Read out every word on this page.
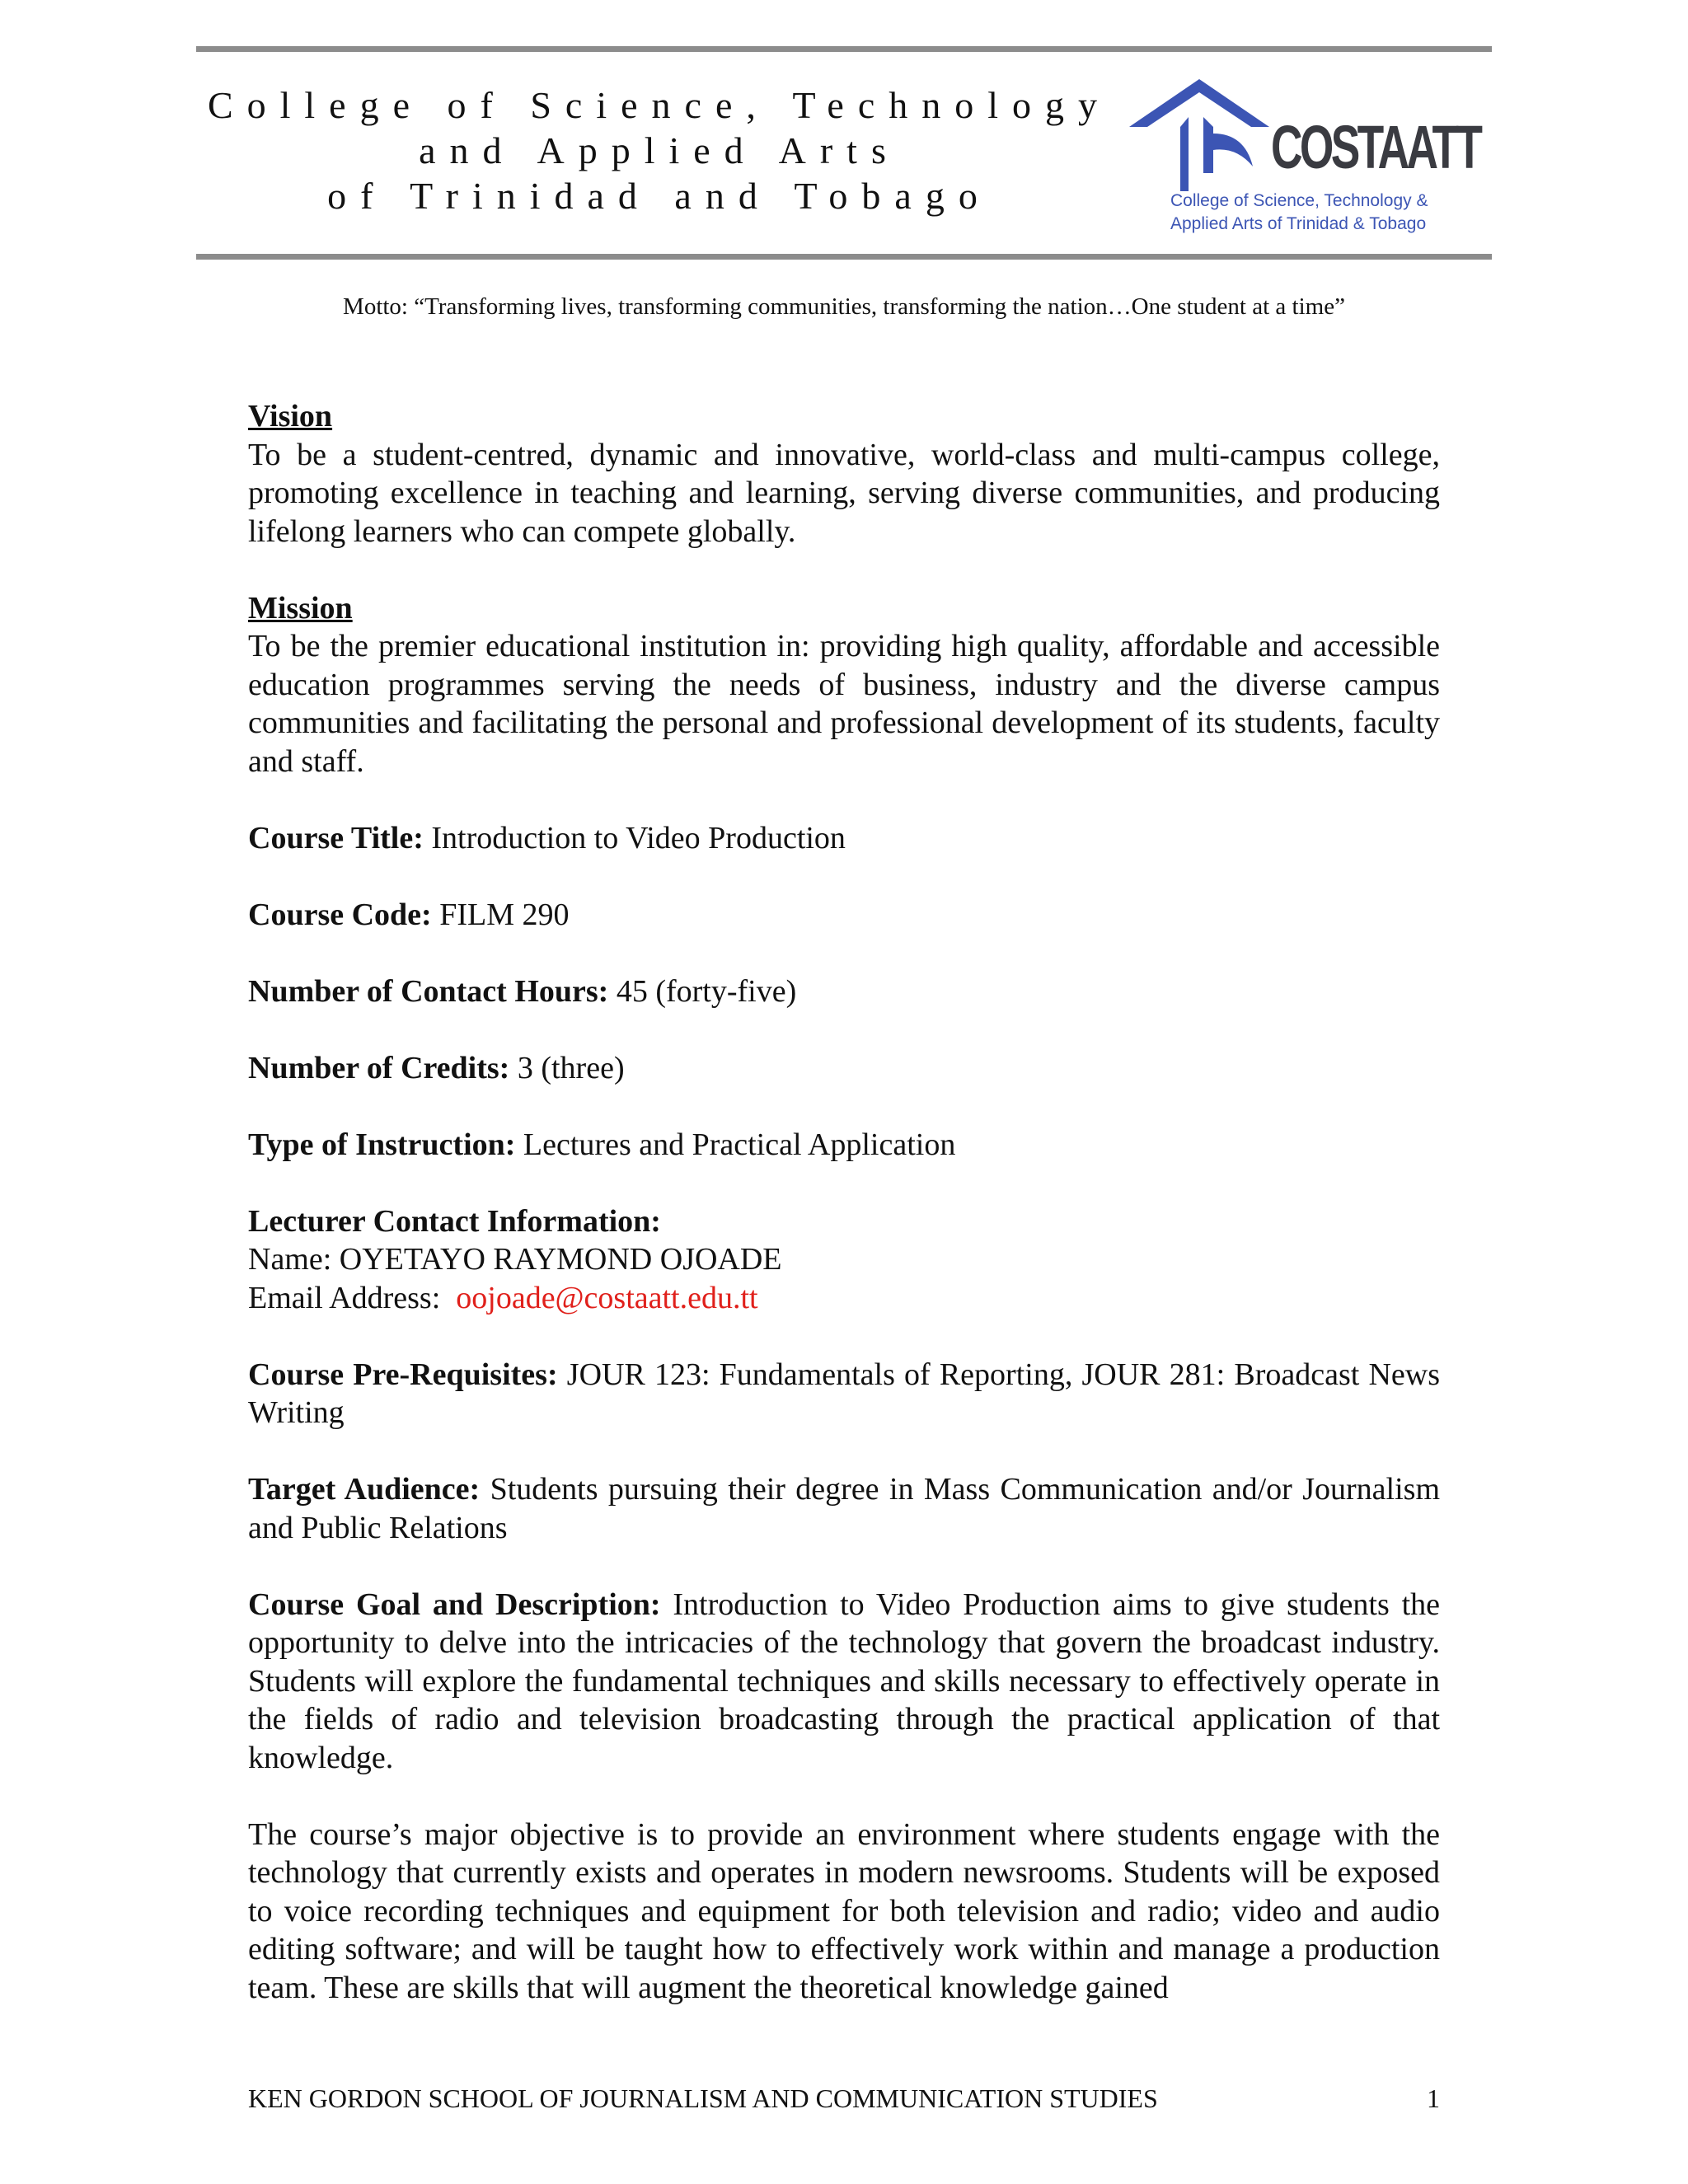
College of Science, Technology
and Applied Arts
of Trinidad and Tobago
COSTAATT
College of Science, Technology &
Applied Arts of Trinidad & Tobago
Motto: “Transforming lives, transforming communities, transforming the nation…One student at a time”
Vision

To be a student-centred, dynamic and innovative, world-class and multi-campus college, promoting excellence in teaching and learning, serving diverse communities, and producing lifelong learners who can compete globally.

Mission

To be the premier educational institution in: providing high quality, affordable and accessible education programmes serving the needs of business, industry and the diverse campus communities and facilitating the personal and professional development of its students, faculty and staff.

Course Title: Introduction to Video Production

Course Code: FILM 290

Number of Contact Hours: 45 (forty-five)

Number of Credits: 3 (three)

Type of Instruction: Lectures and Practical Application

Lecturer Contact Information:
Name: OYETAYO RAYMOND OJOADE
Email Address: oojoade@costaatt.edu.tt

Course Pre-Requisites: JOUR 123: Fundamentals of Reporting, JOUR 281: Broadcast News Writing

Target Audience: Students pursuing their degree in Mass Communication and/or Journalism and Public Relations

Course Goal and Description: Introduction to Video Production aims to give students the opportunity to delve into the intricacies of the technology that govern the broadcast industry. Students will explore the fundamental techniques and skills necessary to effectively operate in the fields of radio and television broadcasting through the practical application of that knowledge.

The course’s major objective is to provide an environment where students engage with the technology that currently exists and operates in modern newsrooms. Students will be exposed to voice recording techniques and equipment for both television and radio; video and audio editing software; and will be taught how to effectively work within and manage a production team. These are skills that will augment the theoretical knowledge gained

KEN GORDON SCHOOL OF JOURNALISM AND COMMUNICATION STUDIES	1
